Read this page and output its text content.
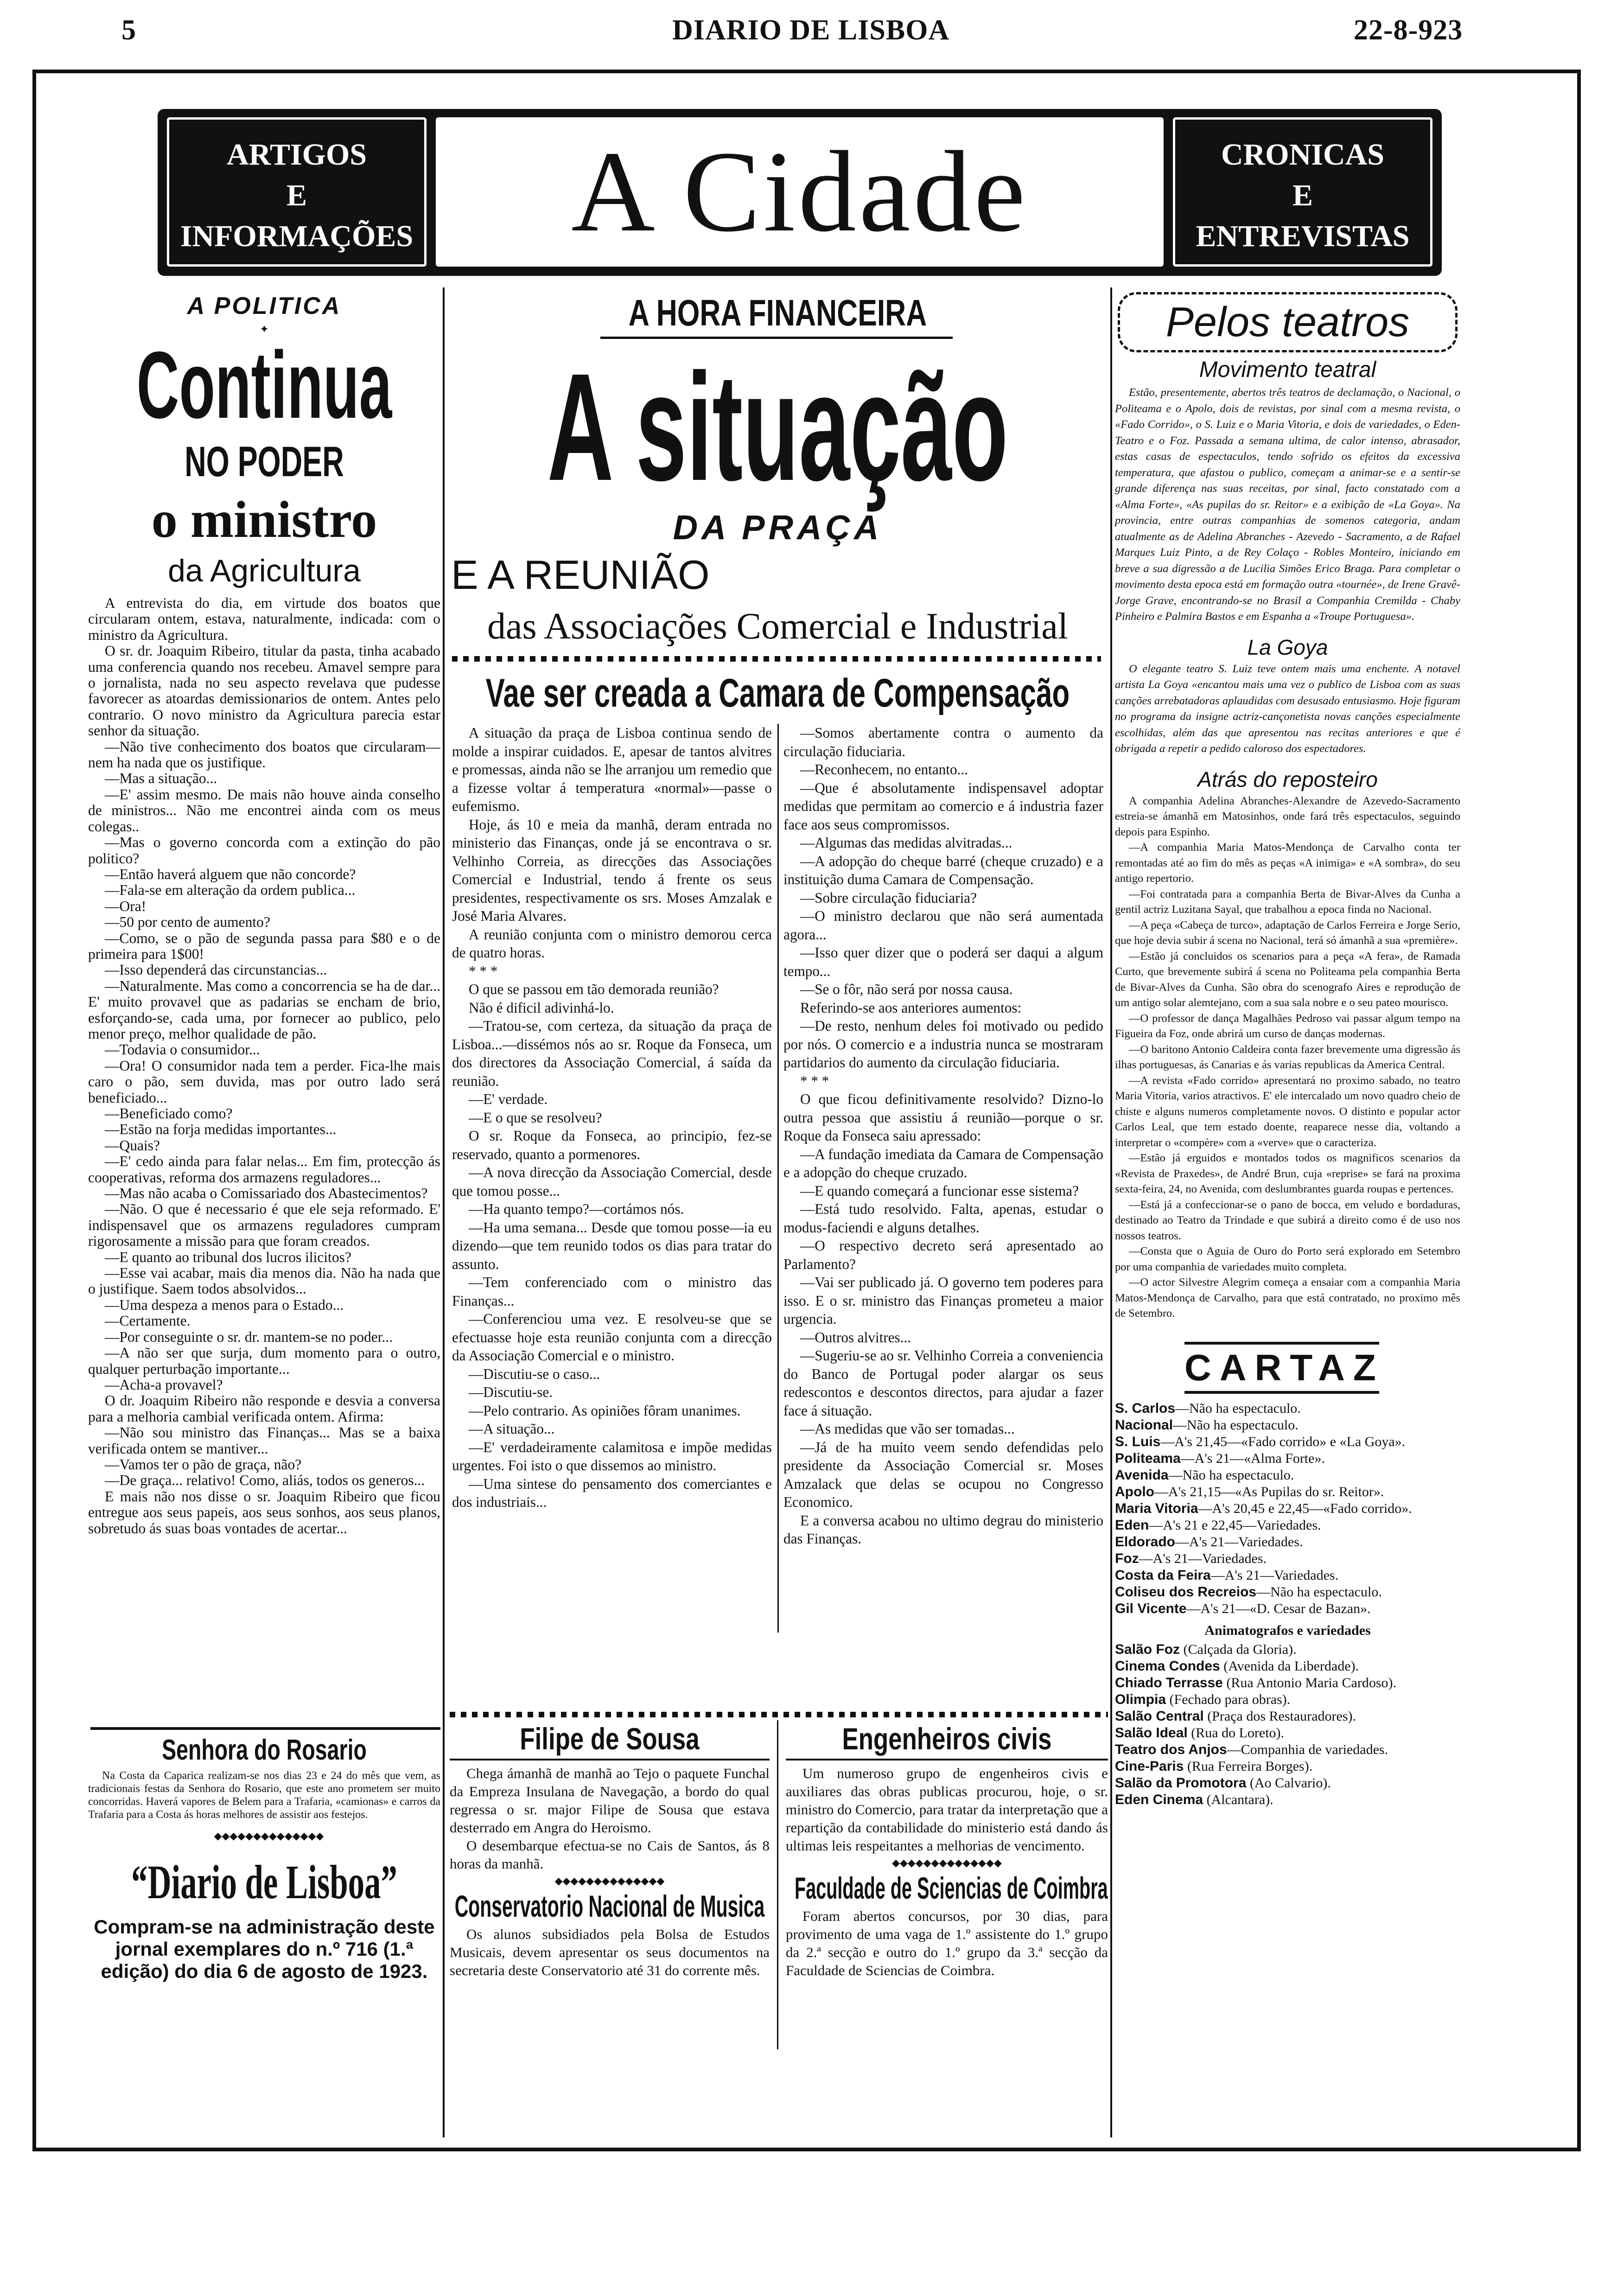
5	DIARIO DE LISBOA	22-8-923
ARTIGOS
E
INFORMAÇÕES	A Cidade	CRONICAS
E
ENTREVISTAS
A POLITICA
✦
Continua
NO PODER
o ministro
da Agricultura

A entrevista do dia, em virtude dos boatos que circularam ontem, estava, naturalmente, indicada: com o ministro da Agricultura.

O sr. dr. Joaquim Ribeiro, titular da pasta, tinha acabado uma conferencia quando nos recebeu. Amavel sempre para o jornalista, nada no seu aspecto revelava que pudesse favorecer as atoardas demissionarios de ontem. Antes pelo contrario. O novo ministro da Agricultura parecia estar senhor da situação.

—Não tive conhecimento dos boatos que circularam—nem ha nada que os justifique.

—Mas a situação...

—E' assim mesmo. De mais não houve ainda conselho de ministros... Não me encontrei ainda com os meus colegas..

—Mas o governo concorda com a extinção do pão politico?

—Então haverá alguem que não concorde?

—Fala-se em alteração da ordem publica...

—Ora!

—50 por cento de aumento?

—Como, se o pão de segunda passa para $80 e o de primeira para 1$00!

—Isso dependerá das circunstancias...

—Naturalmente. Mas como a concorrencia se ha de dar... E' muito provavel que as padarias se encham de brio, esforçando-se, cada uma, por fornecer ao publico, pelo menor preço, melhor qualidade de pão.

—Todavia o consumidor...

—Ora! O consumidor nada tem a perder. Fica-lhe mais caro o pão, sem duvida, mas por outro lado será beneficiado...

—Beneficiado como?

—Estão na forja medidas importantes...

—Quais?

—E' cedo ainda para falar nelas... Em fim, protecção ás cooperativas, reforma dos armazens reguladores...

—Mas não acaba o Comissariado dos Abastecimentos?

—Não. O que é necessario é que ele seja reformado. E' indispensavel que os armazens reguladores cumpram rigorosamente a missão para que foram creados.

—E quanto ao tribunal dos lucros ilicitos?

—Esse vai acabar, mais dia menos dia. Não ha nada que o justifique. Saem todos absolvidos...

—Uma despeza a menos para o Estado...

—Certamente.

—Por conseguinte o sr. dr. mantem-se no poder...

—A não ser que surja, dum momento para o outro, qualquer perturbação importante...

—Acha-a provavel?

O dr. Joaquim Ribeiro não responde e desvia a conversa para a melhoria cambial verificada ontem. Afirma:

—Não sou ministro das Finanças... Mas se a baixa verificada ontem se mantiver...

—Vamos ter o pão de graça, não?

—De graça... relativo! Como, aliás, todos os generos...

E mais não nos disse o sr. Joaquim Ribeiro que ficou entregue aos seus papeis, aos seus sonhos, aos seus planos, sobretudo ás suas boas vontades de acertar...

Senhora do Rosario

Na Costa da Caparica realizam-se nos dias 23 e 24 do mês que vem, as tradicionais festas da Senhora do Rosario, que este ano prometem ser muito concorridas. Haverá vapores de Belem para a Trafaria, «camionas» e carros da Trafaria para a Costa ás horas melhores de assistir aos festejos.

◆◆◆◆◆◆◆◆◆◆◆◆◆◆
“Diario de Lisboa”
Compram-se na administração deste jornal exemplares do n.º 716 (1.ª edição) do dia 6 de agosto de 1923.
A HORA FINANCEIRA
A situação
DA PRAÇA
E A REUNIÃO
das Associações Comercial e Industrial
Vae ser creada a Camara de Compensação

A situação da praça de Lisboa continua sendo de molde a inspirar cuidados. E, apesar de tantos alvitres e promessas, ainda não se lhe arranjou um remedio que a fizesse voltar á temperatura «normal»—passe o eufemismo.

Hoje, ás 10 e meia da manhã, deram entrada no ministerio das Finanças, onde já se encontrava o sr. Velhinho Correia, as direcções das Associações Comercial e Industrial, tendo á frente os seus presidentes, respectivamente os srs. Moses Amzalak e José Maria Alvares.

A reunião conjunta com o ministro demorou cerca de quatro horas.

* * *

O que se passou em tão demorada reunião?

Não é dificil adivinhá-lo.

—Tratou-se, com certeza, da situação da praça de Lisboa...—dissémos nós ao sr. Roque da Fonseca, um dos directores da Associação Comercial, á saída da reunião.

—E' verdade.

—E o que se resolveu?

O sr. Roque da Fonseca, ao principio, fez-se reservado, quanto a pormenores.

—A nova direcção da Associação Comercial, desde que tomou posse...

—Ha quanto tempo?—cortámos nós.

—Ha uma semana... Desde que tomou posse—ia eu dizendo—que tem reunido todos os dias para tratar do assunto.

—Tem conferenciado com o ministro das Finanças...

—Conferenciou uma vez. E resolveu-se que se efectuasse hoje esta reunião conjunta com a direcção da Associação Comercial e o ministro.

—Discutiu-se o caso...

—Discutiu-se.

—Pelo contrario. As opiniões fôram unanimes.

—A situação...

—E' verdadeiramente calamitosa e impõe medidas urgentes. Foi isto o que dissemos ao ministro.

—Uma sintese do pensamento dos comerciantes e dos industriais...

—Somos abertamente contra o aumento da circulação fiduciaria.

—Reconhecem, no entanto...

—Que é absolutamente indispensavel adoptar medidas que permitam ao comercio e á industria fazer face aos seus compromissos.

—Algumas das medidas alvitradas...

—A adopção do cheque barré (cheque cruzado) e a instituição duma Camara de Compensação.

—Sobre circulação fiduciaria?

—O ministro declarou que não será aumentada agora...

—Isso quer dizer que o poderá ser daqui a algum tempo...

—Se o fôr, não será por nossa causa.

Referindo-se aos anteriores aumentos:

—De resto, nenhum deles foi motivado ou pedido por nós. O comercio e a industria nunca se mostraram partidarios do aumento da circulação fiduciaria.

* * *

O que ficou definitivamente resolvido? Dizno-lo outra pessoa que assistiu á reunião—porque o sr. Roque da Fonseca saiu apressado:

—A fundação imediata da Camara de Compensação e a adopção do cheque cruzado.

—E quando começará a funcionar esse sistema?

—Está tudo resolvido. Falta, apenas, estudar o modus-faciendi e alguns detalhes.

—O respectivo decreto será apresentado ao Parlamento?

—Vai ser publicado já. O governo tem poderes para isso. E o sr. ministro das Finanças prometeu a maior urgencia.

—Outros alvitres...

—Sugeriu-se ao sr. Velhinho Correia a conveniencia do Banco de Portugal poder alargar os seus redescontos e descontos directos, para ajudar a fazer face á situação.

—As medidas que vão ser tomadas...

—Já de ha muito veem sendo defendidas pelo presidente da Associação Comercial sr. Moses Amzalack que delas se ocupou no Congresso Economico.

E a conversa acabou no ultimo degrau do ministerio das Finanças.

Filipe de Sousa

Chega ámanhã de manhã ao Tejo o paquete Funchal da Empreza Insulana de Navegação, a bordo do qual regressa o sr. major Filipe de Sousa que estava desterrado em Angra do Heroismo.

O desembarque efectua-se no Cais de Santos, ás 8 horas da manhã.

◆◆◆◆◆◆◆◆◆◆◆◆◆◆
Conservatorio Nacional de Musica

Os alunos subsidiados pela Bolsa de Estudos Musicais, devem apresentar os seus documentos na secretaria deste Conservatorio até 31 do corrente mês.

Engenheiros civis

Um numeroso grupo de engenheiros civis e auxiliares das obras publicas procurou, hoje, o sr. ministro do Comercio, para tratar da interpretação que a repartição da contabilidade do ministerio está dando ás ultimas leis respeitantes a melhorias de vencimento.

◆◆◆◆◆◆◆◆◆◆◆◆◆◆
Faculdade de Sciencias de Coimbra

Foram abertos concursos, por 30 dias, para provimento de uma vaga de 1.º assistente do 1.º grupo da 2.ª secção e outro do 1.º grupo da 3.ª secção da Faculdade de Sciencias de Coimbra.

Pelos teatros
Movimento teatral

Estão, presentemente, abertos três teatros de declamação, o Nacional, o Politeama e o Apolo, dois de revistas, por sinal com a mesma revista, o «Fado Corrido», o S. Luiz e o Maria Vitoria, e dois de variedades, o Eden-Teatro e o Foz. Passada a semana ultima, de calor intenso, abrasador, estas casas de espectaculos, tendo sofrido os efeitos da excessiva temperatura, que afastou o publico, começam a animar-se e a sentir-se grande diferença nas suas receitas, por sinal, facto constatado com a «Alma Forte», «As pupilas do sr. Reitor» e a exibição de «La Goya». Na provincia, entre outras companhias de somenos categoria, andam atualmente as de Adelina Abranches - Azevedo - Sacramento, a de Rafael Marques Luiz Pinto, a de Rey Colaço - Robles Monteiro, iniciando em breve a sua digressão a de Lucilia Simões Erico Braga. Para completar o movimento desta epoca está em formação outra «tournée», de Irene Gravê-Jorge Grave, encontrando-se no Brasil a Companhia Cremilda - Chaby Pinheiro e Palmira Bastos e em Espanha a «Troupe Portuguesa».

La Goya

O elegante teatro S. Luiz teve ontem mais uma enchente. A notavel artista La Goya «encantou mais uma vez o publico de Lisboa com as suas canções arrebatadoras aplaudidas com desusado entusiasmo. Hoje figuram no programa da insigne actriz-cançonetista novas canções especialmente escolhidas, além das que apresentou nas recitas anteriores e que é obrigada a repetir a pedido caloroso dos espectadores.

Atrás do reposteiro

A companhia Adelina Abranches-Alexandre de Azevedo-Sacramento estreia-se ámanhã em Matosinhos, onde fará três espectaculos, seguindo depois para Espinho.

—A companhia Maria Matos-Mendonça de Carvalho conta ter remontadas até ao fim do mês as peças «A inimiga» e «A sombra», do seu antigo repertorio.

—Foi contratada para a companhia Berta de Bivar-Alves da Cunha a gentil actriz Luzitana Sayal, que trabalhou a epoca finda no Nacional.

—A peça «Cabeça de turco», adaptação de Carlos Ferreira e Jorge Serio, que hoje devia subir á scena no Nacional, terá só ámanhã a sua «première».

—Estão já concluidos os scenarios para a peça «A fera», de Ramada Curto, que brevemente subirá á scena no Politeama pela companhia Berta de Bivar-Alves da Cunha. São obra do scenografo Aires e reprodução de um antigo solar alemtejano, com a sua sala nobre e o seu pateo mourisco.

—O professor de dança Magalhães Pedroso vai passar algum tempo na Figueira da Foz, onde abrirá um curso de danças modernas.

—O baritono Antonio Caldeira conta fazer brevemente uma digressão ás ilhas portuguesas, ás Canarias e ás varias republicas da America Central.

—A revista «Fado corrido» apresentará no proximo sabado, no teatro Maria Vitoria, varios atractivos. E' ele intercalado um novo quadro cheio de chiste e alguns numeros completamente novos. O distinto e popular actor Carlos Leal, que tem estado doente, reaparece nesse dia, voltando a interpretar o «compère» com a «verve» que o caracteriza.

—Estão já erguidos e montados todos os magnificos scenarios da «Revista de Praxedes», de André Brun, cuja «reprise» se fará na proxima sexta-feira, 24, no Avenida, com deslumbrantes guarda roupas e pertences.

—Está já a confeccionar-se o pano de bocca, em veludo e bordaduras, destinado ao Teatro da Trindade e que subirá a direito como é de uso nos nossos teatros.

—Consta que o Aguia de Ouro do Porto será explorado em Setembro por uma companhia de variedades muito completa.

—O actor Silvestre Alegrim começa a ensaiar com a companhia Maria Matos-Mendonça de Carvalho, para que está contratado, no proximo mês de Setembro.

CARTAZ

S. Carlos—Não ha espectaculo.

Nacional—Não ha espectaculo.

S. Luis—A's 21,45—«Fado corrido» e «La Goya».

Politeama—A's 21—«Alma Forte».

Avenida—Não ha espectaculo.

Apolo—A's 21,15—«As Pupilas do sr. Reitor».

Maria Vitoria—A's 20,45 e 22,45—«Fado corrido».

Eden—A's 21 e 22,45—Variedades.

Eldorado—A's 21—Variedades.

Foz—A's 21—Variedades.

Costa da Feira—A's 21—Variedades.

Coliseu dos Recreios—Não ha espectaculo.

Gil Vicente—A's 21—«D. Cesar de Bazan».

Animatografos e variedades

Salão Foz (Calçada da Gloria).

Cinema Condes (Avenida da Liberdade).

Chiado Terrasse (Rua Antonio Maria Cardoso).

Olimpia (Fechado para obras).

Salão Central (Praça dos Restauradores).

Salão Ideal (Rua do Loreto).

Teatro dos Anjos—Companhia de variedades.

Cine-Paris (Rua Ferreira Borges).

Salão da Promotora (Ao Calvario).

Eden Cinema (Alcantara).
